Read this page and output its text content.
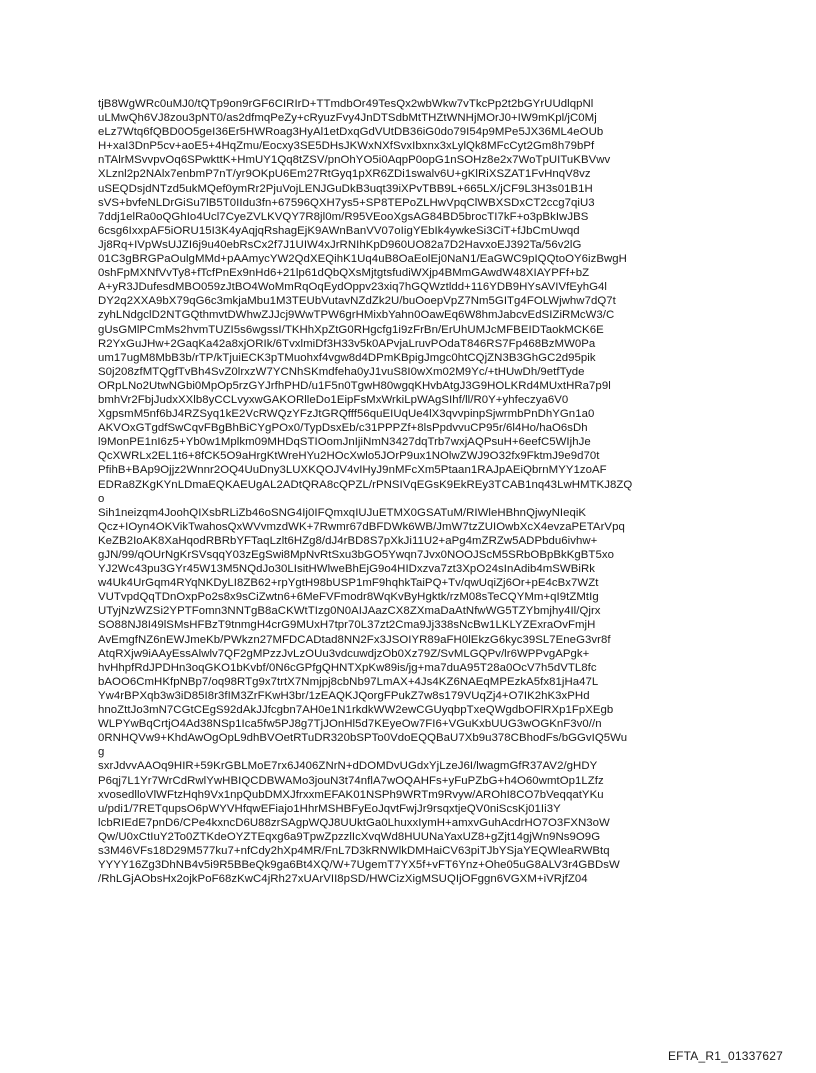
tjB8WgWRc0uMJ0/tQTp9on9rGF6CIRIrD+TTmdbOr49TesQx2wbWkw7vTkcPp2t2bGYrUUdlqpNl
uLMwQh6VJ8zou3pNT0/as2dfmqPeZy+cRyuzFvy4JnDTSdbMtTHZtWNHjMOrJ0+IW9mKpl/jC0Mj
eLz7Wtq6fQBD0O5geI36Er5HWRoag3HyAl1etDxqGdVUtDB36iG0do79I54p9MPe5JX36ML4eOUb
H+xaI3DnP5cv+aoE5+4HqZmu/Eocxy3SE5DHsJKWxNXfSvxIbxnx3xLylQk8MFcCyt2Gm8h79bPf
nTAlrMSvvpvOq6SPwkttK+HmUY1Qq8tZSV/pnOhYO5i0AqpP0opG1nSOHz8e2x7WoTpUITuKBVwv
XLznl2p2NAlx7enbmP7nT/yr9OKpU6Em27RtGyq1pXR6ZDi1swalv6U+gKlRiXSZAT1FvHnqV8vz
uSEQDsjdNTzd5ukMQef0ymRr2PjuVojLENJGuDkB3uqt39iXPvTBB9L+665LX/jCF9L3H3s01B1H
sVS+bvfeNLDrGiSu7lB5T0IIdu3fn+67596QXH7ys5+SP8TEPoZLHwVpqClWBXSDxCT2ccg7qiU3
7ddj1elRa0oQGhIo4Ucl7CyeZVLKVQY7R8jl0m/R95VEooXgsAG84BD5brocTI7kF+o3pBkIwJBS
6csg6IxxpAF5iORU15I3K4yAqjqRshagEjK9AWnBanVV07oIigYEbIk4ywkeSi3CiT+fJbCmUwqd
Jj8Rq+IVpWsUJZI6j9u40ebRsCx2f7J1UIW4xJrRNIhKpD960UO82a7D2HavxoEJ392Ta/56v2lG
01C3gBRGPaOulgMMd+pAAmycYW2QdXEQihK1Uq4uB8OaEolEj0NaN1/EaGWC9pIQQtoOY6izBwgH
0shFpMXNfVvTy8+fTcfPnEx9nHd6+21lp61dQbQXsMjtgtsfudiWXjp4BMmGAwdW48XIAYPFf+bZ
A+yR3JDufesdMBO059zJtBO4WoMmRqOqEydOppv23xiq7hGQWztldd+116YDB9HYsAVIVfEyhG4l
DY2q2XXA9bX79qG6c3mkjaMbu1M3TEUbVutavNZdZk2U/buOoepVpZ7Nm5GITg4FOLWjwhw7dQ7t
zyhLNdgclD2NTGQthmvtDWhwZJJcj9WwTPW6grHMixbYahn0OawEq6W8hmJabcvEdSIZiRMcW3/C
gUsGMlPCmMs2hvmTUZI5s6wgssI/TKHhXpZtG0RHgcfg1i9zFrBn/ErUhUMJcMFBEIDTaokMCK6E
R2YxGuJHw+2GaqKa42a8xjORIk/6TvxlmiDf3H33v5k0APvjaLruvPOdaT846RS7Fp468BzMW0Pa
um17ugM8MbB3b/rTP/kTjuiECK3pTMuohxf4vgw8d4DPmKBpigJmgc0htCQjZN3B3GhGC2d95pik
S0j208zfMTQgfTvBh4SvZ0lrxzW7YCNhSKmdfeha0yJ1vuS8I0wXm02M9Yc/+tHUwDh/9etfTyde
ORpLNo2UtwNGbi0MpOp5rzGYJrfhPHD/u1F5n0TgwH80wgqKHvbAtgJ3G9HOLKRd4MUxtHRa7p9l
bmhVr2FbjJudxXXlb8yCCLvyxwGAKORlleDo1EipFsMxWrkiLpWAgSIhf/ll/R0Y+yhfeczya6V0
XgpsmM5nf6bJ4RZSyq1kE2VcRWQzYFzJtGRQfff56quEIUqUe4lX3qvvpinpSjwrmbPnDhYGn1a0
AKVOxGTgdfSwCqvFBgBhBiCYgPOx0/TypDsxEb/c31PPPZf+8lsPpdvvuCP95r/6l4Ho/haO6sDh
l9MonPE1nI6z5+Yb0w1Mplkm09MHDqSTIOomJnIjiNmN3427dqTrb7wxjAQPsuH+6eefC5WIjhJe
QcXWRLx2EL1t6+8fCK5O9aHrgKtWreHYu2HOcXwlo5JOrP9ux1NOlwZWJ9O32fx9FktmJ9e9d70t
PfihB+BAp9Ojjz2Wnnr2OQ4UuDny3LUXKQOJV4vIHyJ9nMFcXm5Ptaan1RAJpAEiQbrnMYY1zoAF
EDRa8ZKgKYnLDmaEQKAEUgAL2ADtQRA8cQPZL/rPNSIVqEGsK9EkREy3TCAB1nq43LwHMTKJ8ZQ
o
Sih1neizqm4JoohQIXsbRLiZb46oSNG4Ij0IFQmxqIUJuETMX0GSATuM/RIWleHBhnQjwyNIeqiK
Qcz+IOyn4OKVikTwahosQxWVvmzdWK+7Rwmr67dBFDWk6WB/JmW7tzZUIOwbXcX4evzaPETArVpq
KeZB2IoAK8XaHqodRBRbYFTaqLzlt6HZg8/dJ4rBD8S7pXkJi11U2+aPg4mZRZw5ADPbdu6ivhw+
gJN/99/qOUrNgKrSVsqqY03zEgSwi8MpNvRtSxu3bGO5Ywqn7Jvx0NOOJScM5SRbOBpBkKgBT5xo
YJ2Wc43pu3GYr45W13M5NQdJo30LIsitHWlweBhEjG9o4HIDxzva7zt3XpO24sInAdib4mSWBiRk
w4Uk4UrGqm4RYqNKDyLI8ZB62+rpYgtH98bUSP1mF9hqhkTaiPQ+Tv/qwUqiZj6Or+pE4cBx7WZt
VUTvpdQqTDnOxpPo2s8x9sCiZwtn6+6MeFVFmodr8WqKvByHgktk/rzM08sTeCQYMm+qI9tZMtIg
UTyjNzWZSi2YPTFomn3NNTgB8aCKWtTIzg0N0AIJAazCX8ZXmaDaAtNfwWG5TZYbmjhy4Il/Qjrx
SO88NJ8I49lSMsHFBzT9tnmgH4crG9MUxH7tpr70L37zt2Cma9Jj338sNcBw1LKLYZExraOvFmjH
AvEmgfNZ6nEWJmeKb/PWkzn27MFDCADtad8NN2Fx3JSOIYR89aFH0lEkzG6kyc39SL7EneG3vr8f
AtqRXjw9iAAyEssAlwlv7QF2gMPzzJvLzOUu3vdcuwdjzOb0Xz79Z/SvMLGQPv/lr6WPPvgAPgk+
hvHhpfRdJPDHn3oqGKO1bKvbf/0N6cGPfgQHNTXpKw89is/jg+ma7duA95T28a0OcV7h5dVTL8fc
bAOO6CmHKfpNBp7/oq98RTg9x7trtX7Nmjpj8cbNb97LmAX+4Js4KZ6NAEqMPEzkA5fx81jHa47L
Yw4rBPXqb3w3iD85I8r3fIM3ZrFKwH3br/1zEAQKJQorgFPukZ7w8s179VUqZj4+O7IK2hK3xPHd
hnoZttJo3mN7CGtCEgS92dAkJJfcgbn7AH0e1N1rkdkWW2ewCGUyqbpTxeQWgdbOFlRXp1FpXEgb
WLPYwBqCrtjO4Ad38NSp1Ica5fw5PJ8g7TjJOnHl5d7KEyeOw7FI6+VGuKxbUUG3wOGKnF3v0//n
0RNHQVw9+KhdAwOgOpL9dhBVOetRTuDR320bSPTo0VdoEQQBaU7Xb9u378CBhodFs/bGGvIQ5Wu
g
sxrJdvvAAOq9HIR+59KrGBLMoE7rx6J406ZNrN+dDOMDvUGdxYjLzeJ6I/lwagmGfR37AV2/gHDY
P6qj7L1Yr7WrCdRwlYwHBIQCDBWAMo3jouN3t74nflA7wOQAHFs+yFuPZbG+h4O60wmtOp1LZfz
xvosedlloVlWFtzHqh9Vx1npQubDMXJfrxxmEFAK01NSPh9WRTm9Rvyw/AROhI8CO7bVeqqatYKu
u/pdi1/7RETqupsO6pWYVHfqwEFiajo1HhrMSHBFyEoJqvtFwjJr9rsqxtjeQV0niScsKj01Ii3Y
lcbRIEdE7pnD6/CPe4kxncD6U88zrSAgpWQJ8UUktGa0LhuxxIymH+amxvGuhAcdrHO7O3FXN3oW
Qw/U0xCtIuY2To0ZTKdeOYZTEqxg6a9TpwZpzzlIcXvqWd8HUUNaYaxUZ8+gZjt14gjWn9Ns9O9G
s3M46VFs18D29M577ku7+nfCdy2hXp4MR/FnL7D3kRNWlkDMHaiCV63piTJbYSjaYEQWleaRWBtq
YYYY16Zg3DhNB4v5i9R5BBeQk9ga6Bt4XQ/W+7UgemT7YX5f+vFT6Ynz+Ohe05uG8ALV3r4GBDsW
/RhLGjAObsHx2ojkPoF68zKwC4jRh27xUArVII8pSD/HWCizXigMSUQIjOFggn6VGXM+iVRjfZ04
EFTA_R1_01337627
